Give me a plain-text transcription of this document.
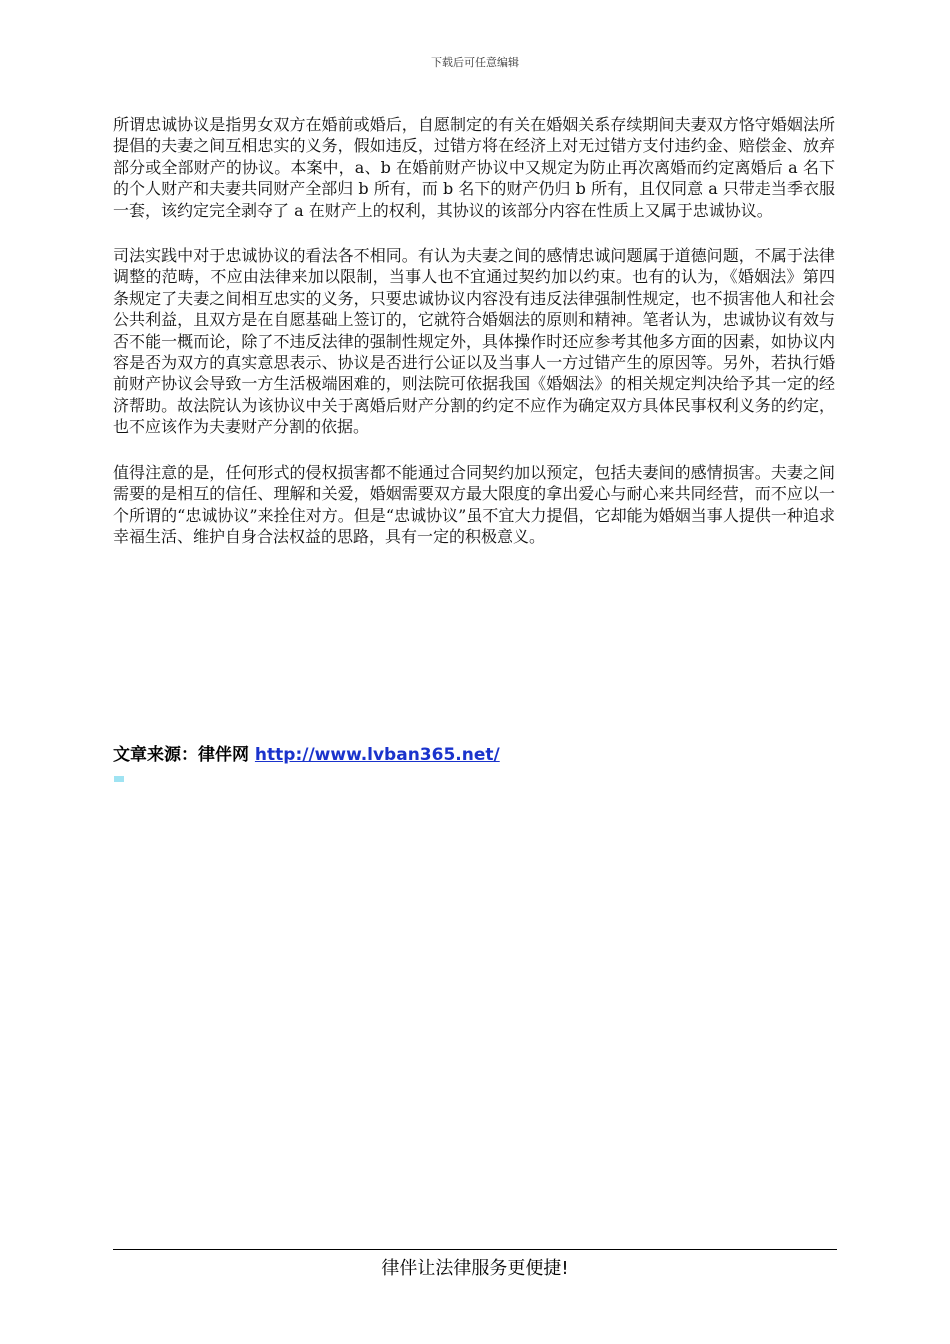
下载后可任意编辑

所谓忠诚协议是指男女双方在婚前或婚后，自愿制定的有关在婚姻关系存续期间夫妻双方恪守婚姻法所提倡的夫妻之间互相忠实的义务，假如违反，过错方将在经济上对无过错方支付违约金、赔偿金、放弃部分或全部财产的协议。本案中，a、b 在婚前财产协议中又规定为防止再次离婚而约定离婚后 a 名下的个人财产和夫妻共同财产全部归 b 所有，而 b 名下的财产仍归 b 所有，且仅同意 a 只带走当季衣服一套，该约定完全剥夺了 a 在财产上的权利，其协议的该部分内容在性质上又属于忠诚协议。

司法实践中对于忠诚协议的看法各不相同。有认为夫妻之间的感情忠诚问题属于道德问题，不属于法律调整的范畴，不应由法律来加以限制，当事人也不宜通过契约加以约束。也有的认为，《婚姻法》第四条规定了夫妻之间相互忠实的义务，只要忠诚协议内容没有违反法律强制性规定，也不损害他人和社会公共利益，且双方是在自愿基础上签订的，它就符合婚姻法的原则和精神。笔者认为，忠诚协议有效与否不能一概而论，除了不违反法律的强制性规定外，具体操作时还应参考其他多方面的因素，如协议内容是否为双方的真实意思表示、协议是否进行公证以及当事人一方过错产生的原因等。另外，若执行婚前财产协议会导致一方生活极端困难的，则法院可依据我国《婚姻法》的相关规定判决给予其一定的经济帮助。故法院认为该协议中关于离婚后财产分割的约定不应作为确定双方具体民事权利义务的约定，也不应该作为夫妻财产分割的依据。

值得注意的是，任何形式的侵权损害都不能通过合同契约加以预定，包括夫妻间的感情损害。夫妻之间需要的是相互的信任、理解和关爱，婚姻需要双方最大限度的拿出爱心与耐心来共同经营，而不应以一个所谓的“忠诚协议”来拴住对方。但是“忠诚协议”虽不宜大力提倡，它却能为婚姻当事人提供一种追求幸福生活、维护自身合法权益的思路，具有一定的积极意义。

文章来源：律伴网 http://www.lvban365.net/
律伴让法律服务更便捷!
